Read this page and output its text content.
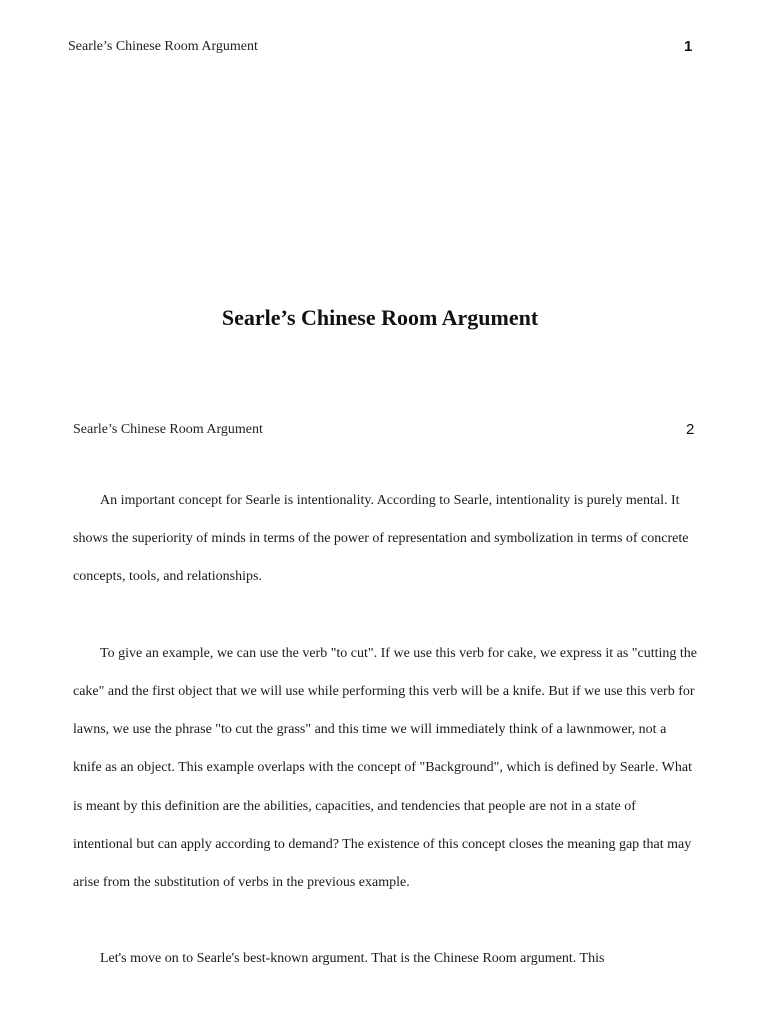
Searle’s Chinese Room Argument	1
Searle’s Chinese Room Argument
Searle’s Chinese Room Argument	2

An important concept for Searle is intentionality. According to Searle, intentionality is purely mental. It shows the superiority of minds in terms of the power of representation and symbolization in terms of concrete concepts, tools, and relationships.

To give an example, we can use the verb "to cut". If we use this verb for cake, we express it as "cutting the cake" and the first object that we will use while performing this verb will be a knife. But if we use this verb for lawns, we use the phrase "to cut the grass" and this time we will immediately think of a lawnmower, not a knife as an object. This example overlaps with the concept of "Background", which is defined by Searle. What is meant by this definition are the abilities, capacities, and tendencies that people are not in a state of intentional but can apply according to demand? The existence of this concept closes the meaning gap that may arise from the substitution of verbs in the previous example.

Let's move on to Searle's best-known argument. That is the Chinese Room argument. This
